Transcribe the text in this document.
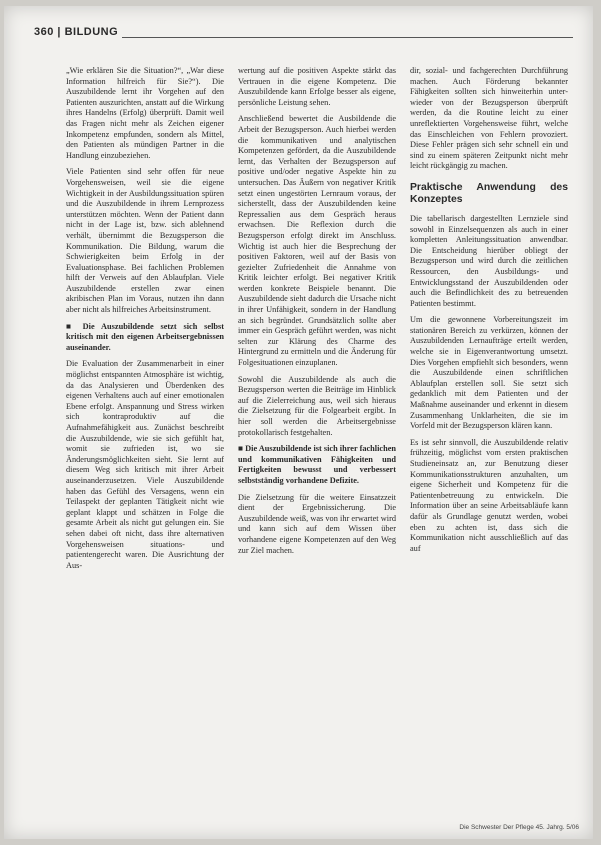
360 | BILDUNG

„Wie erklären Sie die Situation?“, „War diese Information hilfreich für Sie?“). Die Auszubildende lernt ihr Vorgehen auf den Patienten auszurichten, anstatt auf die Wirkung ihres Handelns (Erfolg) überprüft. Damit weil das Fragen nicht mehr als Zeichen eigener Inkompetenz empfunden, sondern als Mittel, den Patienten als mündigen Partner in die Handlung einzubeziehen.

Viele Patienten sind sehr offen für neue Vorgehensweisen, weil sie die eigene Wichtigkeit in der Ausbildungssituation spüren und die Auszubildende in ihrem Lernprozess unterstützen möchten. Wenn der Patient dann nicht in der Lage ist, bzw. sich ablehnend verhält, übernimmt die Bezugsperson die Kommunikation. Die Bildung, warum die Schwierigkeiten beim Erfolg in der Evaluationsphase. Bei fachlichen Problemen hilft der Verweis auf den Ablaufplan. Viele Auszubildende erstellen zwar einen akribischen Plan im Voraus, nutzen ihn dann aber nicht als hilfreiches Arbeitsinstrument.

■ Die Auszubildende setzt sich selbst kritisch mit den eigenen Arbeitsergebnissen auseinander.

Die Evaluation der Zusammenarbeit in einer möglichst entspannten Atmosphäre ist wichtig, da das Analysieren und Überdenken des eigenen Verhaltens auch auf einer emotionalen Ebene erfolgt. Anspannung und Stress wirken sich kontraproduktiv auf die Aufnahmefähigkeit aus. Zunächst beschreibt die Auszubildende, wie sie sich gefühlt hat, womit sie zufrieden ist, wo sie Änderungsmöglichkeiten sieht. Sie lernt auf diesem Weg sich kritisch mit ihrer Arbeit auseinanderzusetzen. Viele Auszubildende haben das Gefühl des Versagens, wenn ein Teilaspekt der geplanten Tätigkeit nicht wie geplant klappt und schätzen in Folge die gesamte Arbeit als nicht gut gelungen ein. Sie sehen dabei oft nicht, dass ihre alternativen Vorgehensweisen situations- und patientengerecht waren. Die Ausrichtung der Aus-

wertung auf die positiven Aspekte stärkt das Vertrauen in die eigene Kompetenz. Die Auszubildende kann Erfolge besser als eigene, persönliche Leistung sehen.

Anschließend bewertet die Ausbildende die Arbeit der Bezugsperson. Auch hierbei werden die kommunikativen und analytischen Kompetenzen gefördert, da die Auszubildende lernt, das Verhalten der Bezugsperson auf positive und/oder negative Aspekte hin zu untersuchen. Das Äußern von negativer Kritik setzt einen ungestörten Lernraum voraus, der sicherstellt, dass der Auszubildenden keine Repressalien aus dem Gespräch heraus erwachsen. Die Reflexion durch die Bezugsperson erfolgt direkt im Anschluss. Wichtig ist auch hier die Besprechung der positiven Faktoren, weil auf der Basis von gezielter Zufriedenheit die Annahme von Kritik leichter erfolgt. Bei negativer Kritik werden konkrete Beispiele benannt. Die Auszubildende sieht dadurch die Ursache nicht in ihrer Unfähigkeit, sondern in der Handlung an sich begründet. Grundsätzlich sollte aber immer ein Gespräch geführt werden, was nicht selten zur Klärung des Charme des Hintergrund zu ermitteln und die Änderung für Folgesituationen einzuplanen.

Sowohl die Auszubildende als auch die Bezugsperson werten die Beiträge im Hinblick auf die Zielerreichung aus, weil sich hieraus die Zielsetzung für die Folgearbeit ergibt. In hier soll werden die Arbeitsergebnisse protokollarisch festgehalten.

■ Die Auszubildende ist sich ihrer fachlichen und kommunikativen Fähigkeiten und Fertigkeiten bewusst und verbessert selbstständig vorhandene Defizite.

Die Zielsetzung für die weitere Einsatzzeit dient der Ergebnissicherung. Die Auszubildende weiß, was von ihr erwartet wird und kann sich auf dem Wissen über vorhandene eigene Kompetenzen auf den Weg zur Ziel machen.

dir, sozial- und fachgerechten Durchführung machen. Auch Förderung bekannter Fähigkeiten sollten sich hinweiterhin unter- wieder von der Bezugsperson überprüft werden, da die Routine leicht zu einer unreflektierten Vorgehensweise führt, welche das Einschleichen von Fehlern provoziert. Diese Fehler prägen sich sehr schnell ein und sind zu einem späteren Zeitpunkt nicht mehr leicht rückgängig zu machen.

Praktische Anwendung des Konzeptes

Die tabellarisch dargestellten Lernziele sind sowohl in Einzelsequenzen als auch in einer kompletten Anleitungssituation anwendbar. Die Entscheidung hierüber obliegt der Bezugsperson und wird durch die zeitlichen Ressourcen, den Ausbildungs- und Entwicklungsstand der Auszubildenden oder auch die Befindlichkeit des zu betreuenden Patienten bestimmt.

Um die gewonnene Vorbereitungszeit im stationären Bereich zu verkürzen, können der Auszubildenden Lernaufträge erteilt werden, welche sie in Eigenverantwortung umsetzt. Dies Vorgehen empfiehlt sich besonders, wenn die Auszubildende einen schriftlichen Ablaufplan erstellen soll. Sie setzt sich gedanklich mit dem Patienten und der Maßnahme auseinander und erkennt in diesem Zusammenhang Unklarheiten, die sie im Vorfeld mit der Bezugsperson klären kann.

Es ist sehr sinnvoll, die Auszubildende relativ frühzeitig, möglichst vom ersten praktischen Studieneinsatz an, zur Benutzung dieser Kommunikationsstrukturen anzuhalten, um eigene Sicherheit und Kompetenz für die Patientenbetreuung zu entwickeln. Die Information über an seine Arbeitsabläufe kann dafür als Grundlage genutzt werden, wobei eben zu achten ist, dass sich die Kommunikation nicht ausschließlich auf das auf

Die Schwester Der Pflege 45. Jahrg. 5/06
